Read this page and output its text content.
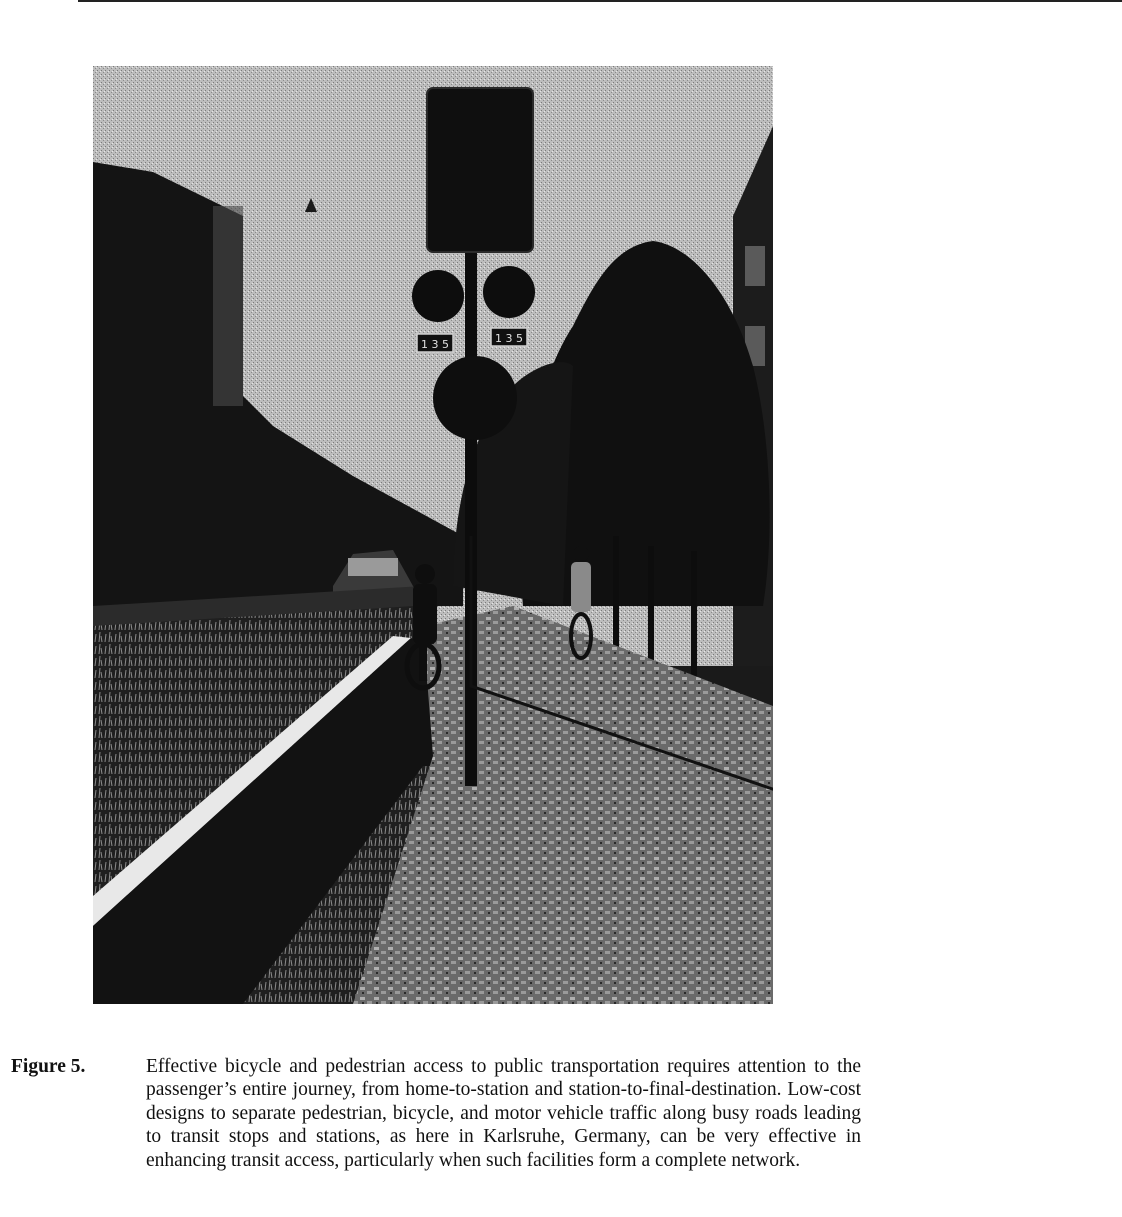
1 3 5	1 3 5
Figure 5.	Effective bicycle and pedestrian access to public transportation requires attention to the passenger’s entire journey, from home-to-station and station-to-final-destination. Low-cost designs to separate pedestrian, bicycle, and motor vehicle traffic along busy roads leading to transit stops and stations, as here in Karlsruhe, Germany, can be very effective in enhancing transit access, particularly when such facilities form a complete network.
